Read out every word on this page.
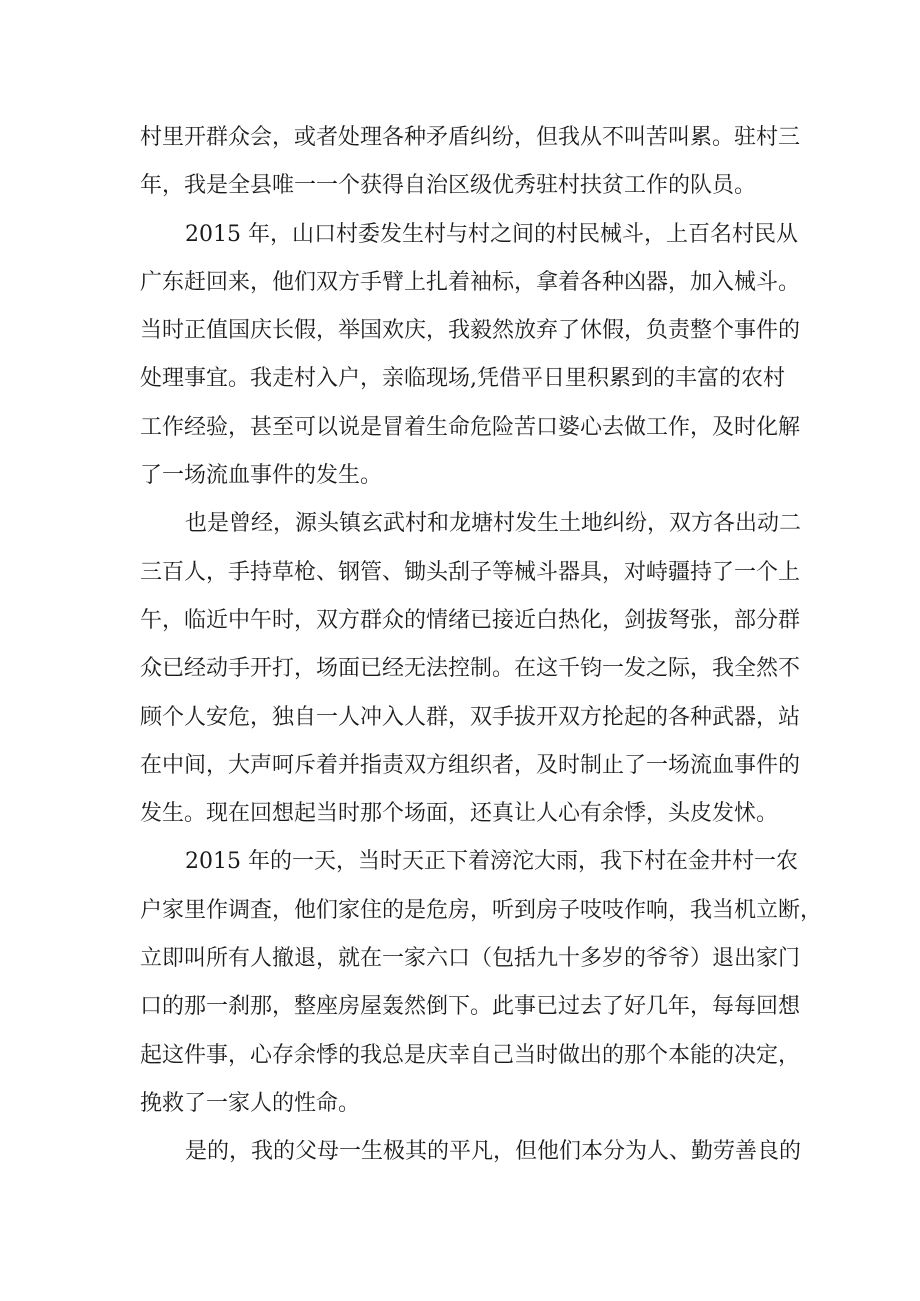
村里开群众会，或者处理各种矛盾纠纷，但我从不叫苦叫累。驻村三
年，我是全县唯一一个获得自治区级优秀驻村扶贫工作的队员。
2015 年，山口村委发生村与村之间的村民械斗，上百名村民从
广东赶回来，他们双方手臂上扎着袖标，拿着各种凶器，加入械斗。
当时正值国庆长假，举国欢庆，我毅然放弃了休假，负责整个事件的
处理事宜。我走村入户，亲临现场,凭借平日里积累到的丰富的农村
工作经验，甚至可以说是冒着生命危险苦口婆心去做工作，及时化解
了一场流血事件的发生。
也是曾经，源头镇玄武村和龙塘村发生土地纠纷，双方各出动二
三百人，手持草枪、钢管、锄头刮子等械斗器具，对峙疆持了一个上
午，临近中午时，双方群众的情绪已接近白热化，剑拔弩张，部分群
众已经动手开打，场面已经无法控制。在这千钧一发之际，我全然不
顾个人安危，独自一人冲入人群，双手拔开双方抡起的各种武器，站
在中间，大声呵斥着并指责双方组织者，及时制止了一场流血事件的
发生。现在回想起当时那个场面，还真让人心有余悸，头皮发怵。
2015 年的一天，当时天正下着滂沱大雨，我下村在金井村一农
户家里作调査，他们家住的是危房，听到房子吱吱作响，我当机立断，
立即叫所有人撤退，就在一家六口（包括九十多岁的爷爷）退出家门
口的那一刹那，整座房屋轰然倒下。此事已过去了好几年，每每回想
起这件事，心存余悸的我总是庆幸自己当时做出的那个本能的决定，
挽救了一家人的性命。
是的，我的父母一生极其的平凡，但他们本分为人、勤劳善良的
